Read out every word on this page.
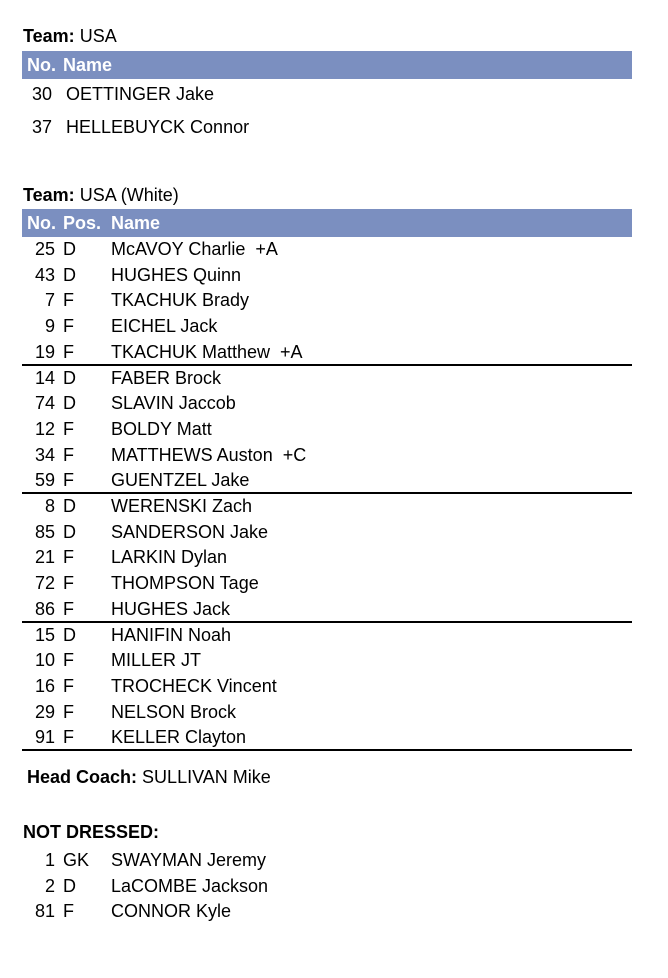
Team: USA
No. Name
30 OETTINGER Jake
37 HELLEBUYCK Connor
Team: USA (White)
No. Pos. Name
25 D McAVOY Charlie +A
43 D HUGHES Quinn
7 F TKACHUK Brady
9 F EICHEL Jack
19 F TKACHUK Matthew +A
14 D FABER Brock
74 D SLAVIN Jaccob
12 F BOLDY Matt
34 F MATTHEWS Auston +C
59 F GUENTZEL Jake
8 D WERENSKI Zach
85 D SANDERSON Jake
21 F LARKIN Dylan
72 F THOMPSON Tage
86 F HUGHES Jack
15 D HANIFIN Noah
10 F MILLER JT
16 F TROCHECK Vincent
29 F NELSON Brock
91 F KELLER Clayton
Head Coach: SULLIVAN Mike
NOT DRESSED:
1 GK SWAYMAN Jeremy
2 D LaCOMBE Jackson
81 F CONNOR Kyle
